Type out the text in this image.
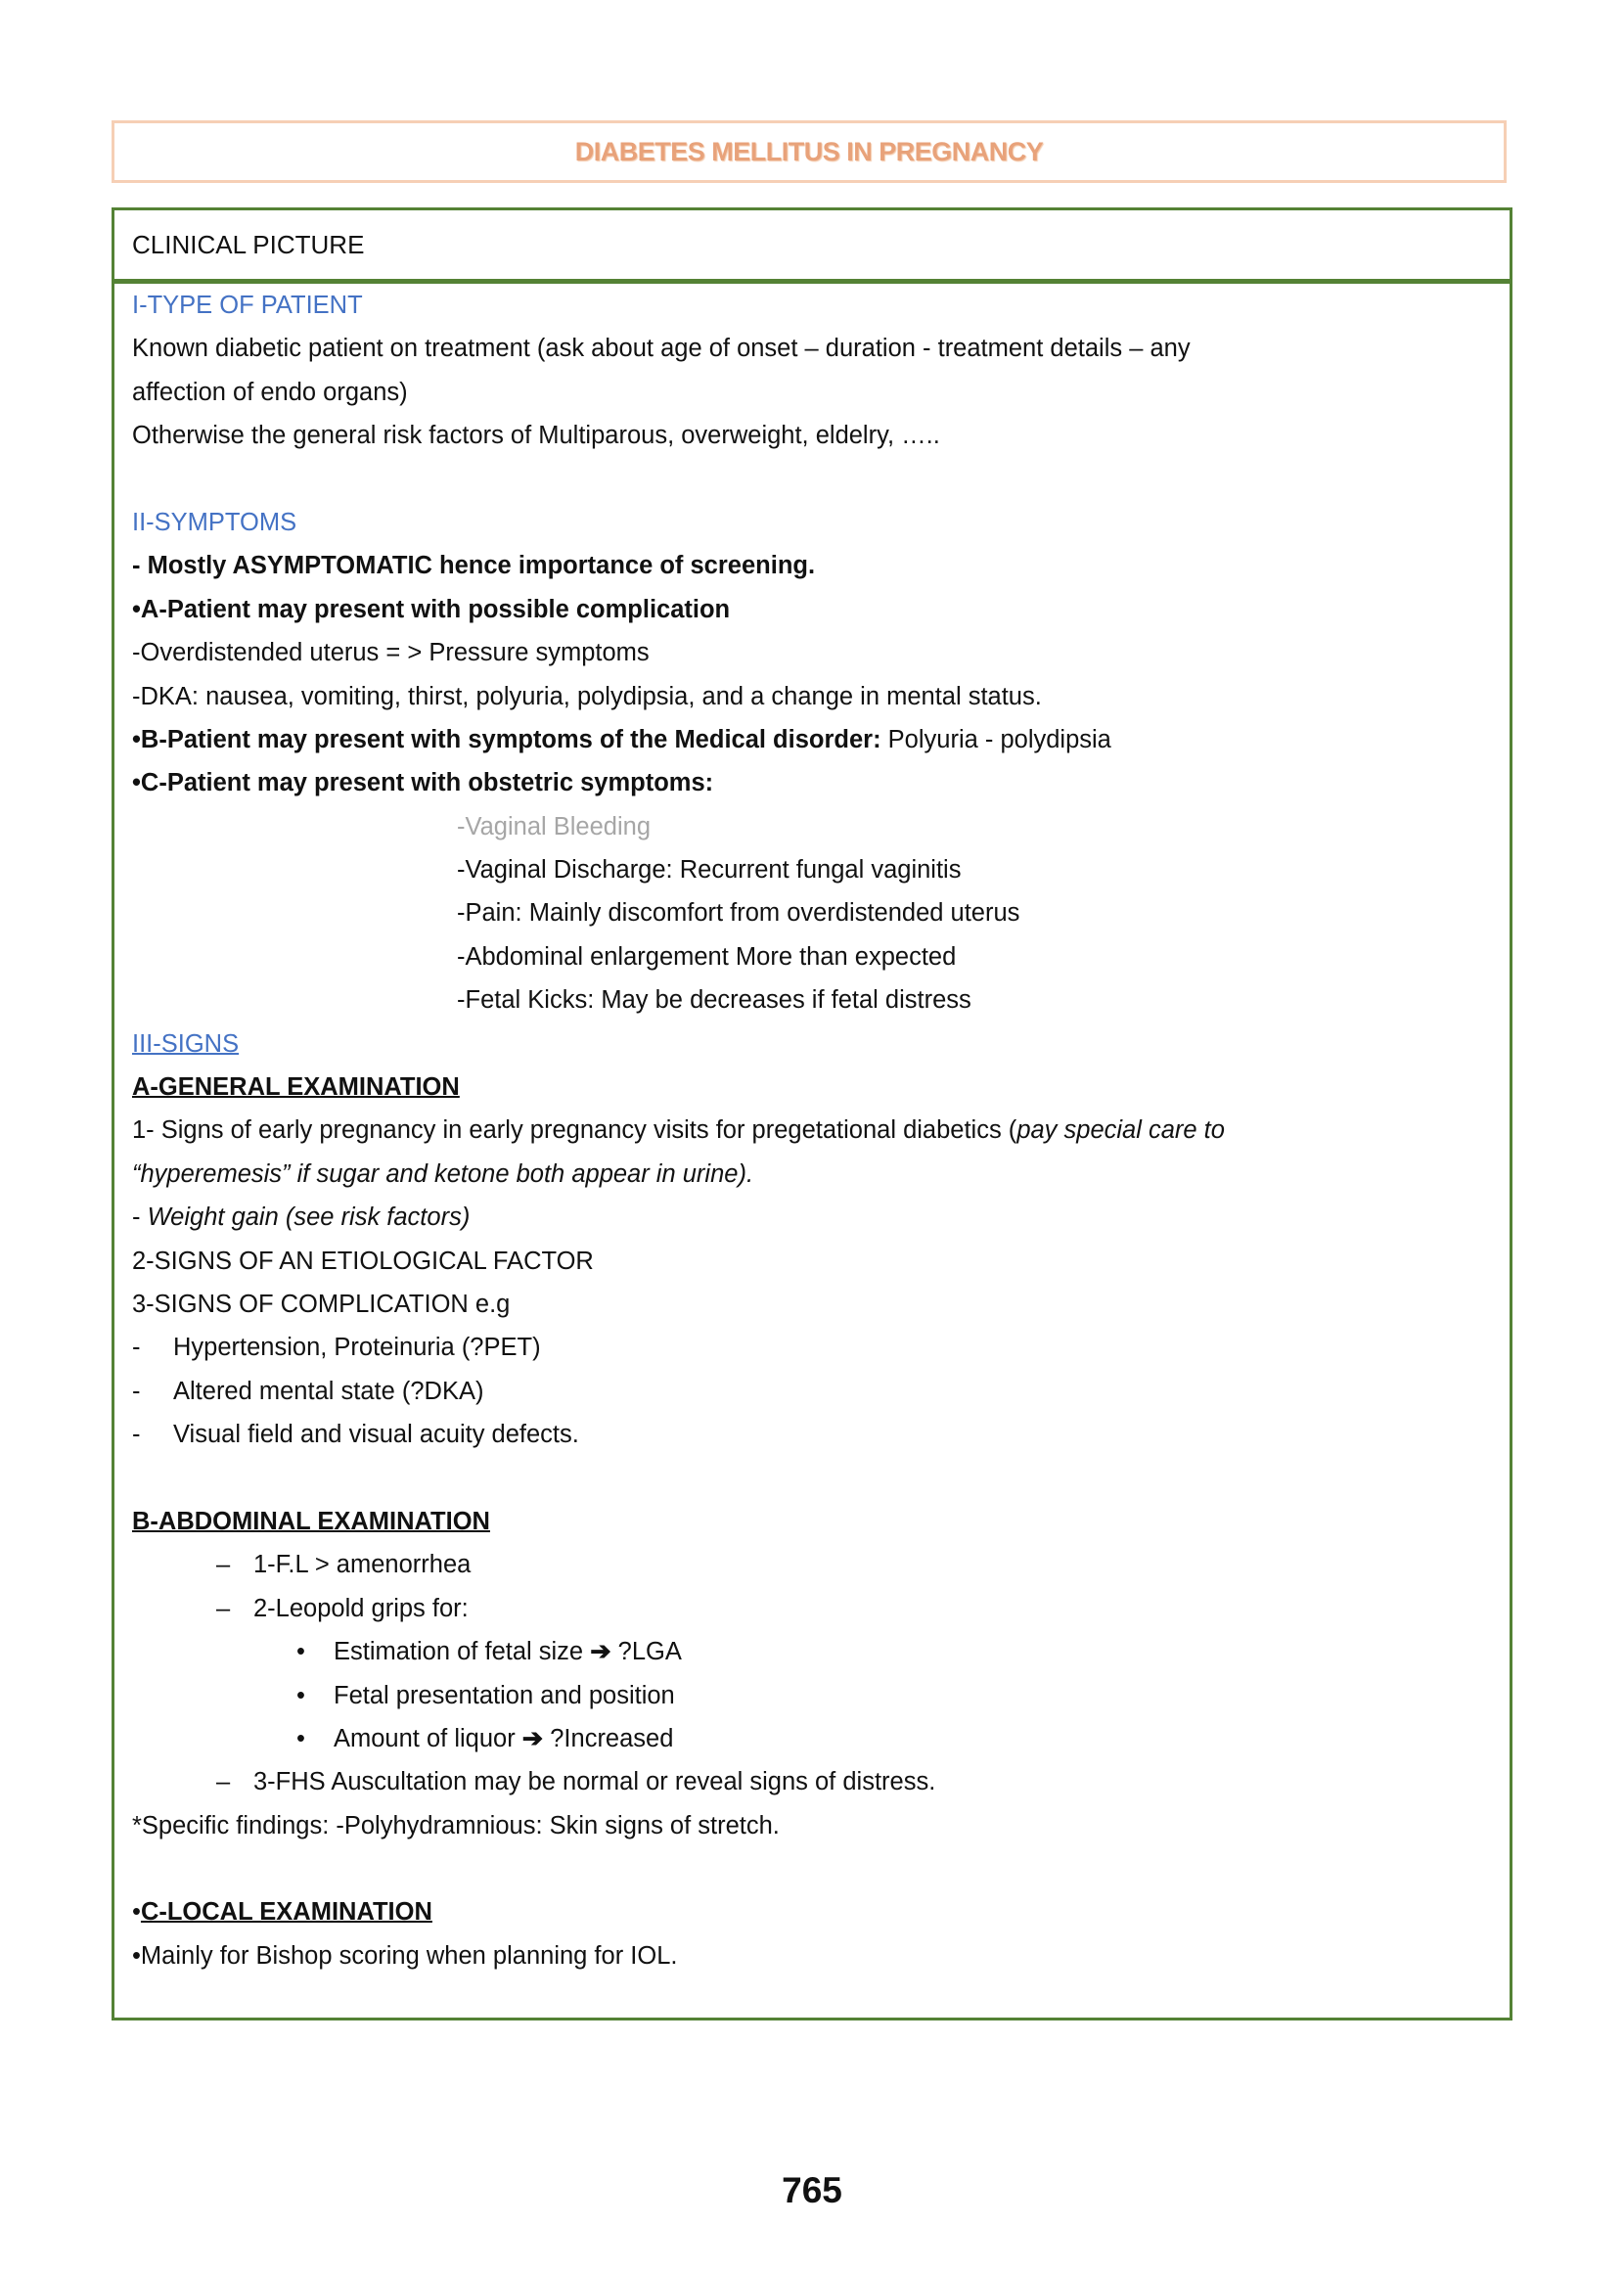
DIABETES MELLITUS IN PREGNANCY
CLINICAL PICTURE
I-TYPE OF PATIENT
Known diabetic patient on treatment (ask about age of onset – duration - treatment details – any
affection of endo organs)
Otherwise the general risk factors of Multiparous, overweight, eldelry, …..
II-SYMPTOMS
- Mostly ASYMPTOMATIC hence importance of screening.
•A-Patient may present with possible complication
-Overdistended uterus = > Pressure symptoms
-DKA: nausea, vomiting, thirst, polyuria, polydipsia, and a change in mental status.
•B-Patient may present with symptoms of the Medical disorder: Polyuria - polydipsia
•C-Patient may present with obstetric symptoms:
-Vaginal Bleeding
-Vaginal Discharge: Recurrent fungal vaginitis
-Pain: Mainly discomfort from overdistended uterus
-Abdominal enlargement More than expected
-Fetal Kicks: May be decreases if fetal distress
III-SIGNS
A-GENERAL EXAMINATION
1- Signs of early pregnancy in early pregnancy visits for pregetational diabetics (pay special care to
“hyperemesis” if sugar and ketone both appear in urine).
- Weight gain (see risk factors)
2-SIGNS OF AN ETIOLOGICAL FACTOR
3-SIGNS OF COMPLICATION e.g
- Hypertension, Proteinuria (?PET)
- Altered mental state (?DKA)
- Visual field and visual acuity defects.
B-ABDOMINAL EXAMINATION
– 1-F.L > amenorrhea
– 2-Leopold grips for:
• Estimation of fetal size ➔ ?LGA
• Fetal presentation and position
• Amount of liquor ➔ ?Increased
– 3-FHS Auscultation may be normal or reveal signs of distress.
*Specific findings: -Polyhydramnious: Skin signs of stretch.
•C-LOCAL EXAMINATION
•Mainly for Bishop scoring when planning for IOL.
765
